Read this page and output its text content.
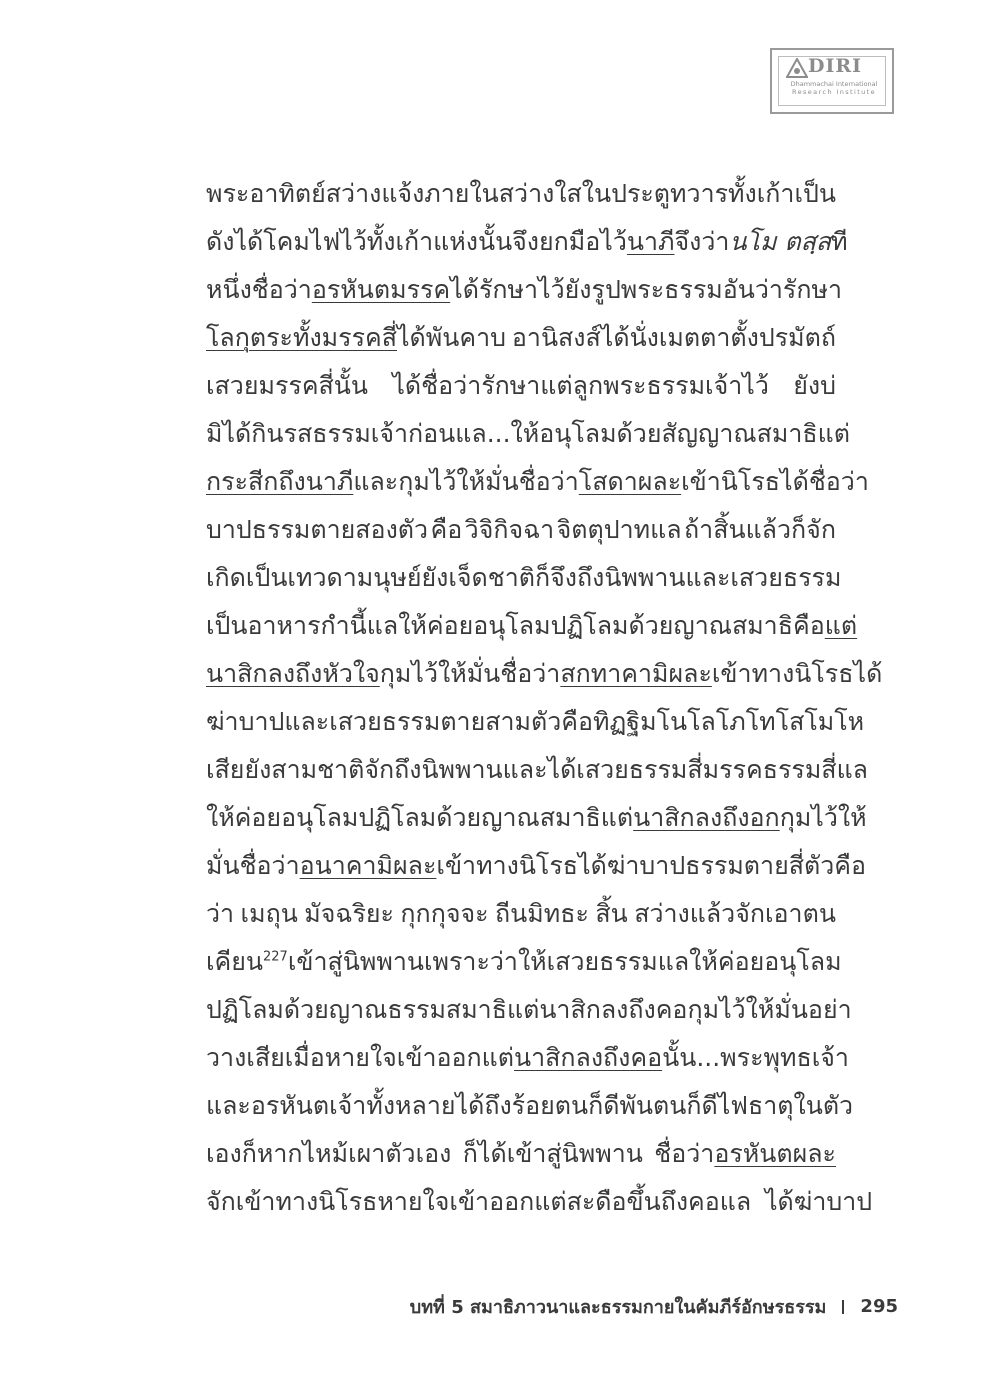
DIRI
Dhammachai International
Research Institute
พระอาทิตย์ สว่างแจ้งภายใน สว่างใสในประตูทวารทั้งเก้า เป็น
ดังได้โคมไฟไว้ทั้งเก้าแห่งนั้น จึงยกมือไว้นาภีจึงว่า นโม ตสฺส ที
หนึ่งชื่อว่า อรหันตมรรคได้รักษาไว้ยังรูปพระธรรม อันว่ารักษา
โลกุตระทั้งมรรคสี่ได้พันคาบ อานิสงส์ได้นั่งเมตตาตั้งปรมัตถ์
เสวยมรรคสี่นั้น ได้ชื่อว่ารักษาแต่ลูกพระธรรมเจ้าไว้ ยังบ่
มิได้กินรสธรรมเจ้าก่อนแล ...ให้อนุโลมด้วยสัญญาณสมาธิแต่
กระสีกถึงนาภีและกุมไว้ให้มั่น ชื่อว่าโสดาผละเข้านิโรธ ได้ชื่อว่า
บาปธรรมตายสองตัว คือ วิจิกิจฉา จิตตุปาทแล ถ้าสิ้นแล้วก็จัก
เกิดเป็นเทวดา มนุษย์ยังเจ็ดชาติก็จึงถึงนิพพาน และเสวยธรรม
เป็นอาหารกำนี้แล ให้ค่อยอนุโลมปฏิโลมด้วยญาณสมาธิ คือแต่
นาสิกลงถึงหัวใจกุมไว้ให้มั่นชื่อว่า สกทาคามิผละเข้าทางนิโรธ ได้
ฆ่าบาปและเสวยธรรมตายสามตัวคือ ทิฏฐิมโน โลโภ โทโส โมโห
เสีย ยังสามชาติจักถึงนิพพาน และได้เสวยธรรมสี่มรรคธรรมสี่แล
ให้ค่อยอนุโลมปฏิโลมด้วยญาณสมาธิ แต่นาสิกลงถึงอกกุมไว้ให้
มั่นชื่อว่า อนาคามิผละ เข้าทางนิโรธได้ฆ่าบาปธรรมตายสี่ตัวคือ
ว่า เมถุน มัจฉริยะ กุกกุจจะ ถีนมิทธะ สิ้น สว่างแล้วจักเอาตน
เคียน$^{227}$เข้าสู่นิพพาน เพราะว่าให้เสวยธรรมแล ให้ค่อยอนุโลม
ปฏิโลมด้วยญาณธรรมสมาธิ แต่นาสิกลงถึงคอกุมไว้ให้มั่นอย่า
วางเสีย เมื่อหายใจเข้าออกแต่นาสิกลงถึงคอนั้น ... พระพุทธเจ้า
และอรหันตเจ้าทั้งหลายได้ถึงร้อยตนก็ดีพันตนก็ดี ไฟธาตุในตัว
เองก็หากไหม้เผาตัวเอง ก็ได้เข้าสู่นิพพาน ชื่อว่าอรหันตผละ
จักเข้าทางนิโรธหายใจเข้าออกแต่สะดือขึ้นถึงคอแล ได้ฆ่าบาป
บทที่ 5 สมาธิภาวนาและธรรมกายในคัมภีร์อักษรธรรม 295
